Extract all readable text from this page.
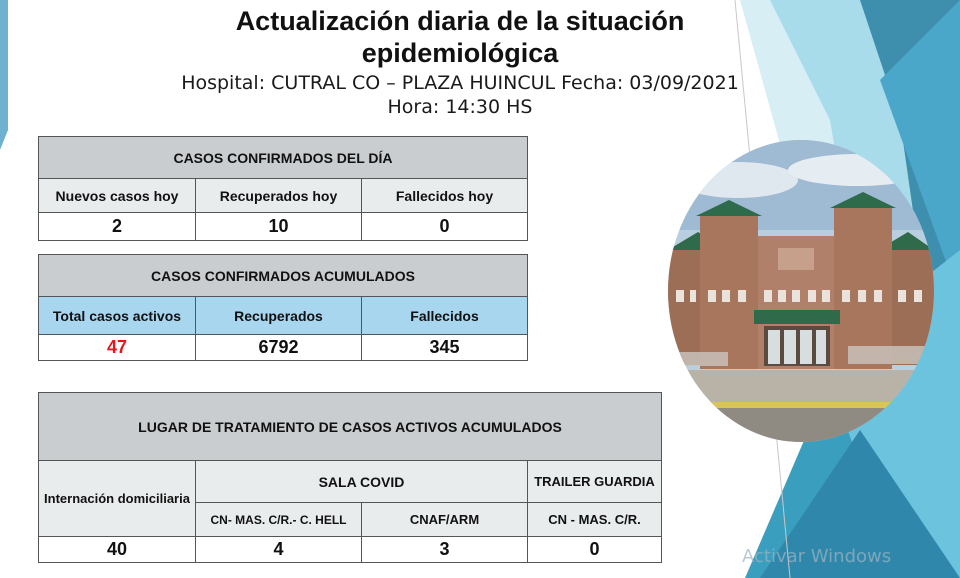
Actualización diaria de la situación
epidemiológica
Hospital: CUTRAL CO – PLAZA HUINCUL Fecha: 03/09/2021
Hora: 14:30 HS
CASOS CONFIRMADOS DEL DÍA		
Nuevos casos hoy	Recuperados hoy	Fallecidos hoy
2	10	0
CASOS CONFIRMADOS ACUMULADOS		
Total casos activos	Recuperados	Fallecidos
47	6792	345
LUGAR DE TRATAMIENTO DE CASOS ACTIVOS ACUMULADOS			
Internación domiciliaria	SALA COVID		TRAILER GUARDIA
	CN- MAS. C/R.- C. HELL	CNAF/ARM	CN - MAS. C/R.
40	4	3	0	Activar Windows
